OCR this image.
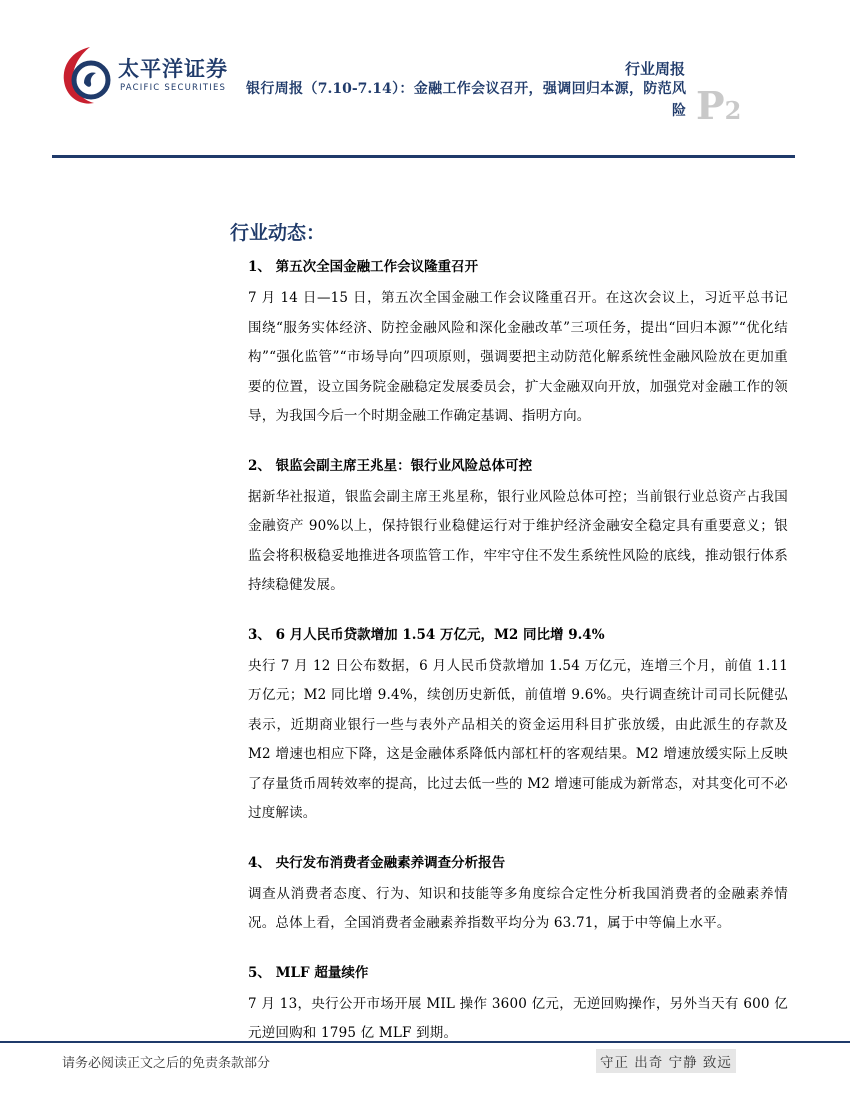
太平洋证券
PACIFIC SECURITIES
行业周报
银行周报（7.10-7.14）：金融工作会议召开，强调回归本源，防范风险 P2
行业动态：

1、 第五次全国金融工作会议隆重召开

7 月 14 日—15 日，第五次全国金融工作会议隆重召开。在这次会议上，习近平总书记围绕“服务实体经济、防控金融风险和深化金融改革”三项任务，提出“回归本源”“优化结构”“强化监管”“市场导向”四项原则，强调要把主动防范化解系统性金融风险放在更加重要的位置，设立国务院金融稳定发展委员会，扩大金融双向开放，加强党对金融工作的领导，为我国今后一个时期金融工作确定基调、指明方向。

2、 银监会副主席王兆星：银行业风险总体可控

据新华社报道，银监会副主席王兆星称，银行业风险总体可控；当前银行业总资产占我国金融资产 90%以上，保持银行业稳健运行对于维护经济金融安全稳定具有重要意义；银监会将积极稳妥地推进各项监管工作，牢牢守住不发生系统性风险的底线，推动银行体系持续稳健发展。

3、 6 月人民币贷款增加 1.54 万亿元，M2 同比增 9.4%

央行 7 月 12 日公布数据，6 月人民币贷款增加 1.54 万亿元，连增三个月，前值 1.11 万亿元；M2 同比增 9.4%，续创历史新低，前值增 9.6%。央行调查统计司司长阮健弘表示，近期商业银行一些与表外产品相关的资金运用科目扩张放缓，由此派生的存款及 M2 增速也相应下降，这是金融体系降低内部杠杆的客观结果。M2 增速放缓实际上反映了存量货币周转效率的提高，比过去低一些的 M2 增速可能成为新常态，对其变化可不必过度解读。

4、 央行发布消费者金融素养调查分析报告

调查从消费者态度、行为、知识和技能等多角度综合定性分析我国消费者的金融素养情况。总体上看，全国消费者金融素养指数平均分为 63.71，属于中等偏上水平。

5、 MLF 超量续作

7 月 13，央行公开市场开展 MIL 操作 3600 亿元，无逆回购操作，另外当天有 600 亿元逆回购和 1795 亿 MLF 到期。

请务必阅读正文之后的免责条款部分	守正 出奇 宁静 致远
